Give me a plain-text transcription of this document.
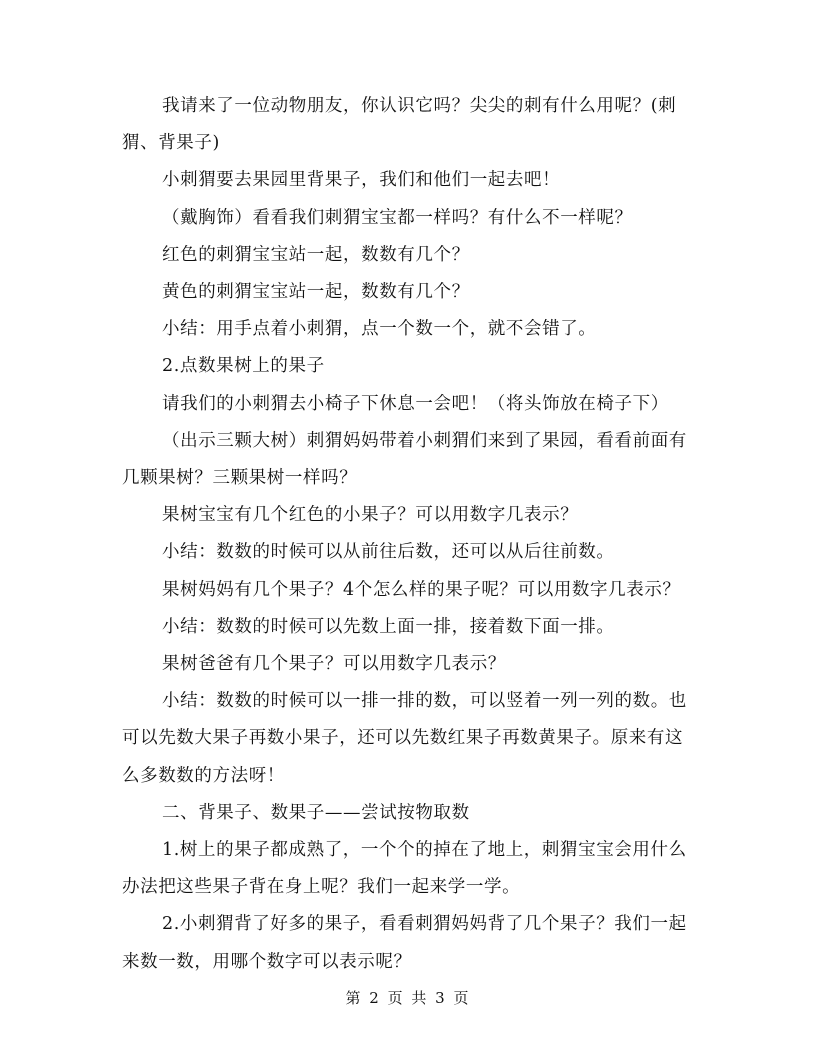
我请来了一位动物朋友，你认识它吗？尖尖的刺有什么用呢？(刺猬、背果子)

小刺猬要去果园里背果子，我们和他们一起去吧！

（戴胸饰）看看我们刺猬宝宝都一样吗？有什么不一样呢？

红色的刺猬宝宝站一起，数数有几个？

黄色的刺猬宝宝站一起，数数有几个？

小结：用手点着小刺猬，点一个数一个，就不会错了。

2.点数果树上的果子

请我们的小刺猬去小椅子下休息一会吧！（将头饰放在椅子下）

（出示三颗大树）刺猬妈妈带着小刺猬们来到了果园，看看前面有几颗果树？三颗果树一样吗？

果树宝宝有几个红色的小果子？可以用数字几表示？

小结：数数的时候可以从前往后数，还可以从后往前数。

果树妈妈有几个果子？4个怎么样的果子呢？可以用数字几表示？

小结：数数的时候可以先数上面一排，接着数下面一排。

果树爸爸有几个果子？可以用数字几表示？

小结：数数的时候可以一排一排的数，可以竖着一列一列的数。也可以先数大果子再数小果子，还可以先数红果子再数黄果子。原来有这么多数数的方法呀！

二、背果子、数果子——尝试按物取数

1.树上的果子都成熟了，一个个的掉在了地上，刺猬宝宝会用什么办法把这些果子背在身上呢？我们一起来学一学。

2.小刺猬背了好多的果子，看看刺猬妈妈背了几个果子？我们一起来数一数，用哪个数字可以表示呢？

第 2 页 共 3 页
